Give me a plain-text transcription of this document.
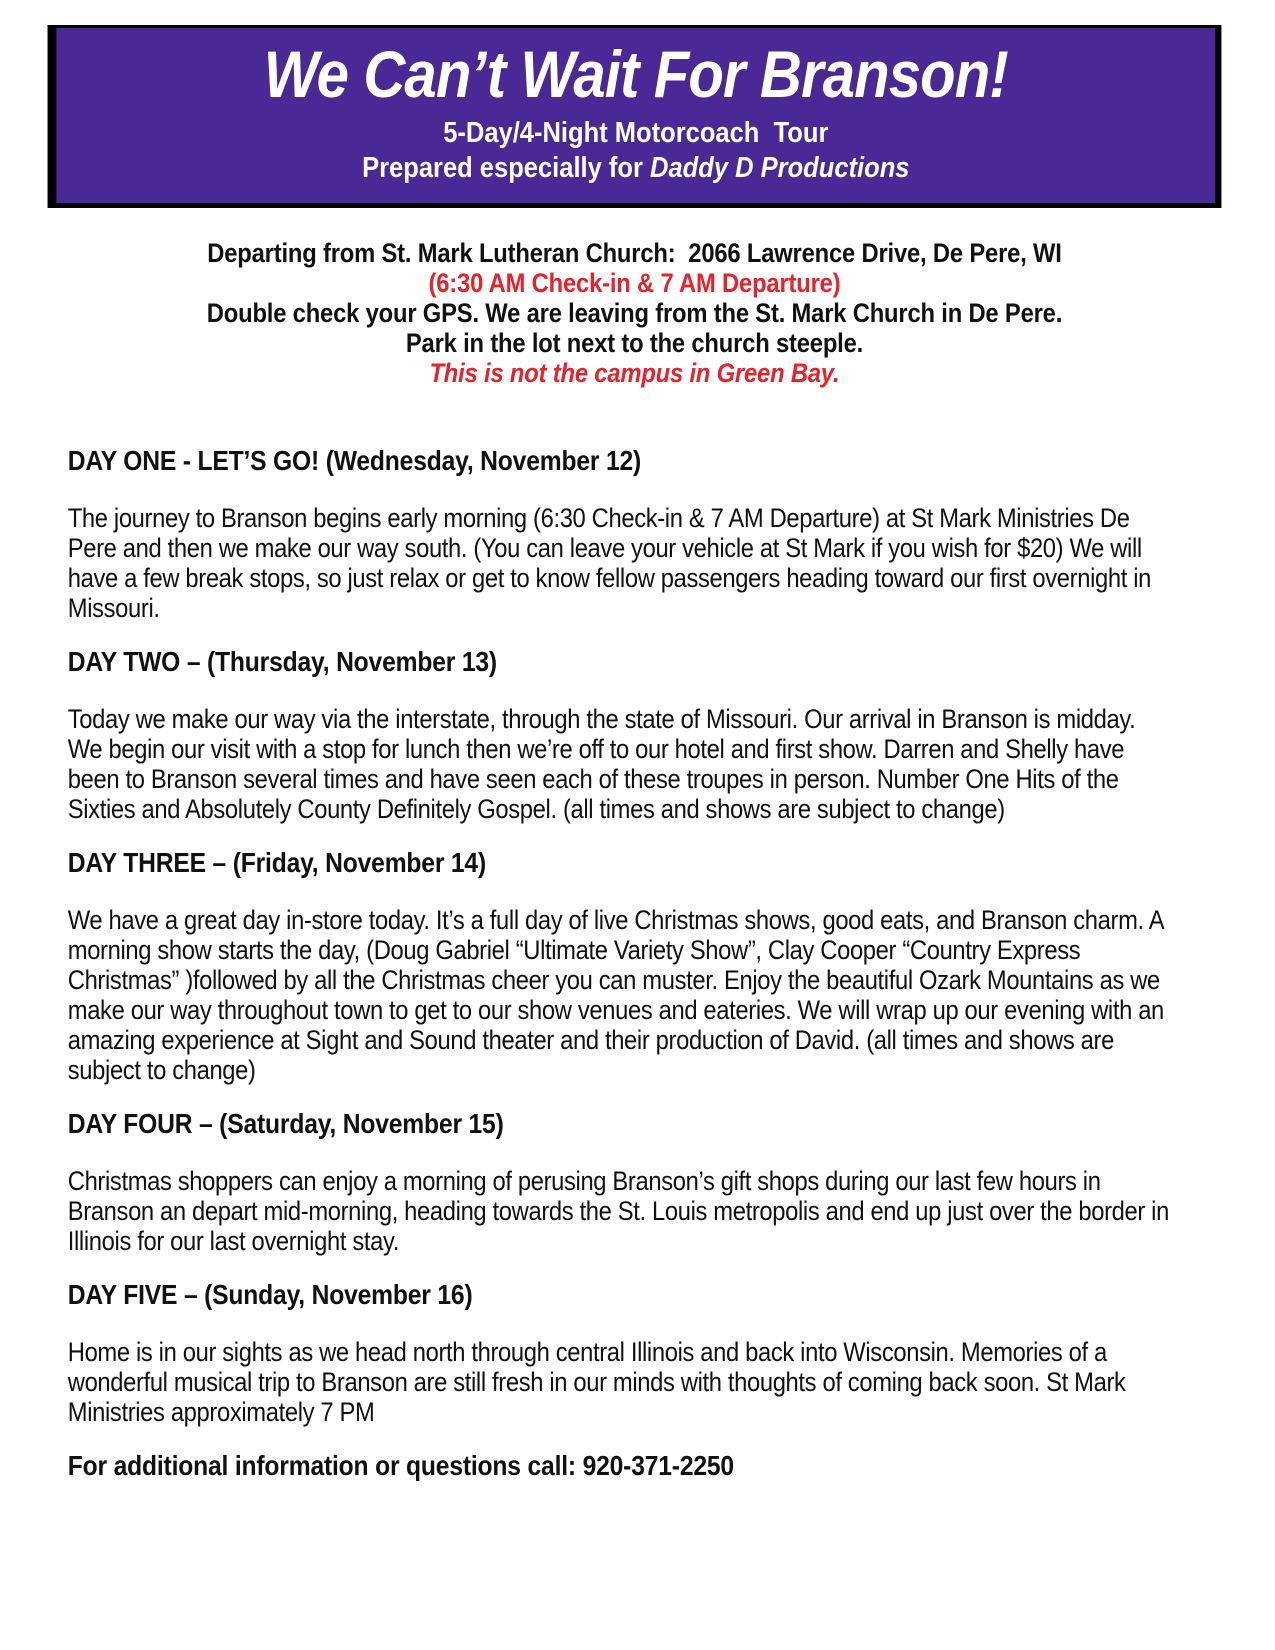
We Can’t Wait For Branson!
5-Day/4-Night Motorcoach  Tour
Prepared especially for Daddy D Productions
Departing from St. Mark Lutheran Church:  2066 Lawrence Drive, De Pere, WI
(6:30 AM Check-in & 7 AM Departure)
Double check your GPS. We are leaving from the St. Mark Church in De Pere.
Park in the lot next to the church steeple.
This is not the campus in Green Bay.
DAY ONE - LET’S GO! (Wednesday, November 12)

The journey to Branson begins early morning (6:30 Check-in & 7 AM Departure) at St Mark Ministries De Pere and then we make our way south. (You can leave your vehicle at St Mark if you wish for $20) We will have a few break stops, so just relax or get to know fellow passengers heading toward our first overnight in Missouri.

DAY TWO – (Thursday, November 13)

Today we make our way via the interstate, through the state of Missouri. Our arrival in Branson is midday. We begin our visit with a stop for lunch then we’re off to our hotel and first show. Darren and Shelly have been to Branson several times and have seen each of these troupes in person. Number One Hits of the Sixties and Absolutely County Definitely Gospel. (all times and shows are subject to change)

DAY THREE – (Friday, November 14)

We have a great day in-store today. It’s a full day of live Christmas shows, good eats, and Branson charm. A morning show starts the day, (Doug Gabriel “Ultimate Variety Show”, Clay Cooper “Country Express Christmas” )followed by all the Christmas cheer you can muster. Enjoy the beautiful Ozark Mountains as we make our way throughout town to get to our show venues and eateries. We will wrap up our evening with an amazing experience at Sight and Sound theater and their production of David. (all times and shows are subject to change)

DAY FOUR – (Saturday, November 15)

Christmas shoppers can enjoy a morning of perusing Branson’s gift shops during our last few hours in Branson an depart mid-morning, heading towards the St. Louis metropolis and end up just over the border in Illinois for our last overnight stay.

DAY FIVE – (Sunday, November 16)

Home is in our sights as we head north through central Illinois and back into Wisconsin. Memories of a wonderful musical trip to Branson are still fresh in our minds with thoughts of coming back soon. St Mark Ministries approximately 7 PM

For additional information or questions call: 920-371-2250
